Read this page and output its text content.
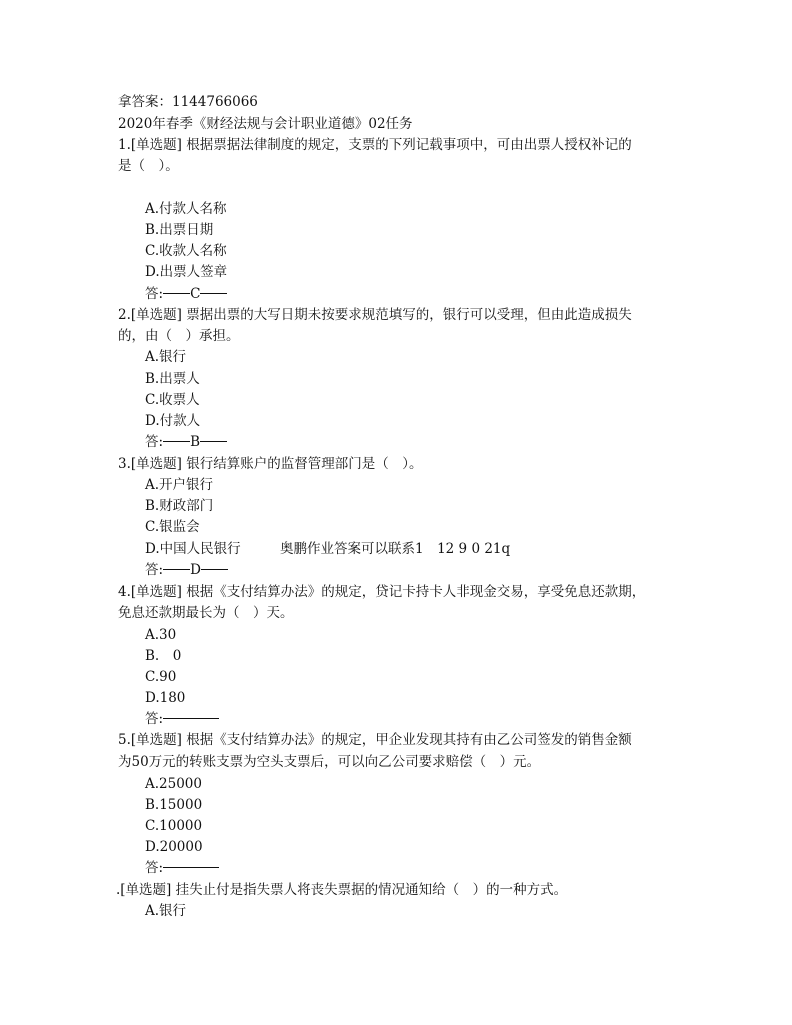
拿答案：1144766066
2020年春季《财经法规与会计职业道德》02任务
1.[单选题] 根据票据法律制度的规定，支票的下列记载事项中，可由出票人授权补记的
是（　）。
A.付款人名称
B.出票日期
C.收款人名称
D.出票人签章
答: C
2.[单选题] 票据出票的大写日期未按要求规范填写的，银行可以受理，但由此造成损失
的，由（　）承担。
A.银行
B.出票人
C.收票人
D.付款人
答: B
3.[单选题] 银行结算账户的监督管理部门是（　）。
A.开户银行
B.财政部门
C.银监会
D.中国人民银行	奥鹏作业答案可以联系1　12 9 0 21q
答: D
4.[单选题] 根据《支付结算办法》的规定，贷记卡持卡人非现金交易，享受免息还款期，
免息还款期最长为（　）天。
A.30
B.　0
C.90
D.180
答:
5.[单选题] 根据《支付结算办法》的规定，甲企业发现其持有由乙公司签发的销售金额
为50万元的转账支票为空头支票后，可以向乙公司要求赔偿（　）元。
A.25000
B.15000
C.10000
D.20000
答:
.[单选题] 挂失止付是指失票人将丧失票据的情况通知给（　）的一种方式。
A.银行
